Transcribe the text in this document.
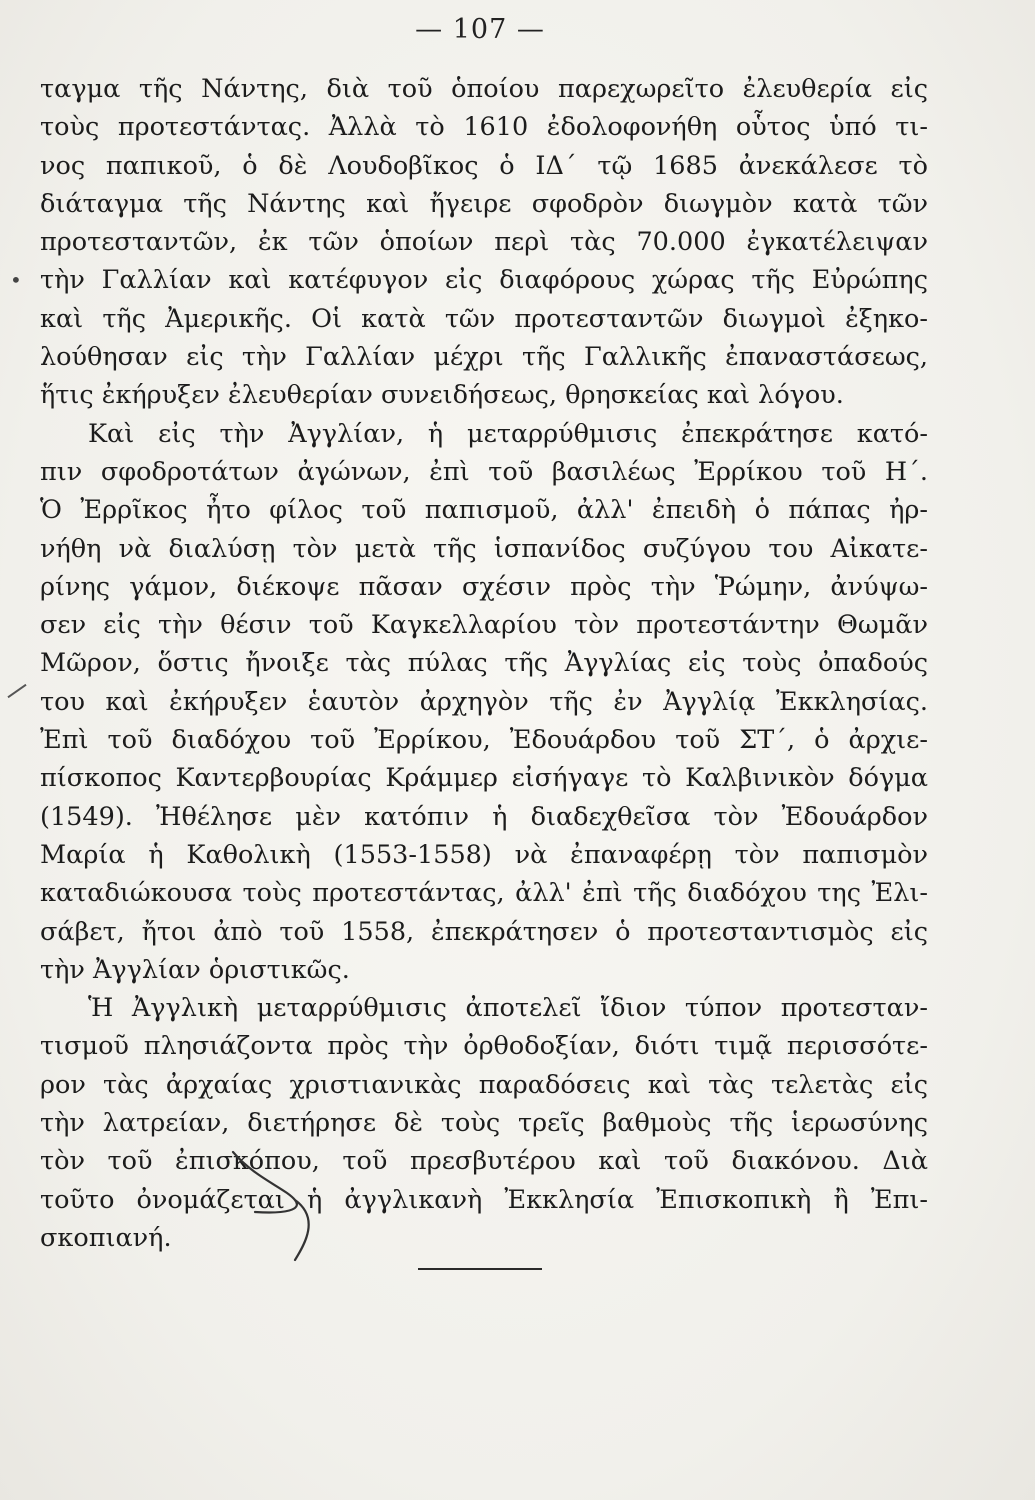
— 107 —
•
ταγμα τῆς Νάντης, διὰ τοῦ ὁποίου παρεχωρεῖτο ἐλευθερία εἰς
τοὺς προτεστάντας. Ἀλλὰ τὸ 1610 ἐδολοφονήθη οὗτος ὑπό τι-
νος παπικοῦ, ὁ δὲ Λουδοβῖκος ὁ ΙΔ΄ τῷ 1685 ἀνεκάλεσε τὸ
διάταγμα τῆς Νάντης καὶ ἤγειρε σφοδρὸν διωγμὸν κατὰ τῶν
προτεσταντῶν, ἐκ τῶν ὁποίων περὶ τὰς 70.000 ἐγκατέλειψαν
τὴν Γαλλίαν καὶ κατέφυγον εἰς διαφόρους χώρας τῆς Εὐρώπης
καὶ τῆς Ἀμερικῆς. Οἱ κατὰ τῶν προτεσταντῶν διωγμοὶ ἐξηκο-
λούθησαν εἰς τὴν Γαλλίαν μέχρι τῆς Γαλλικῆς ἐπαναστάσεως,
ἥτις ἐκήρυξεν ἐλευθερίαν συνειδήσεως, θρησκείας καὶ λόγου.
Καὶ εἰς τὴν Ἀγγλίαν, ἡ μεταρρύθμισις ἐπεκράτησε κατό-
πιν σφοδροτάτων ἀγώνων, ἐπὶ τοῦ βασιλέως Ἐρρίκου τοῦ Η΄.
Ὁ Ἐρρῖκος ἦτο φίλος τοῦ παπισμοῦ, ἀλλ' ἐπειδὴ ὁ πάπας ἠρ-
νήθη νὰ διαλύσῃ τὸν μετὰ τῆς ἱσπανίδος συζύγου του Αἰκατε-
ρίνης γάμον, διέκοψε πᾶσαν σχέσιν πρὸς τὴν Ῥώμην, ἀνύψω-
σεν εἰς τὴν θέσιν τοῦ Καγκελλαρίου τὸν προτεστάντην Θωμᾶν
Μῶρον, ὅστις ἤνοιξε τὰς πύλας τῆς Ἀγγλίας εἰς τοὺς ὀπαδούς
του καὶ ἐκήρυξεν ἑαυτὸν ἀρχηγὸν τῆς ἐν Ἀγγλίᾳ Ἐκκλησίας.
Ἐπὶ τοῦ διαδόχου τοῦ Ἐρρίκου, Ἐδουάρδου τοῦ ΣΤ΄, ὁ ἀρχιε-
πίσκοπος Καντερβουρίας Κράμμερ εἰσήγαγε τὸ Καλβινικὸν δόγμα
(1549). Ἠθέλησε μὲν κατόπιν ἡ διαδεχθεῖσα τὸν Ἐδουάρδον
Μαρία ἡ Καθολικὴ (1553-1558) νὰ ἐπαναφέρῃ τὸν παπισμὸν
καταδιώκουσα τοὺς προτεστάντας, ἀλλ' ἐπὶ τῆς διαδόχου της Ἐλι-
σάβετ, ἤτοι ἀπὸ τοῦ 1558, ἐπεκράτησεν ὁ προτεσταντισμὸς εἰς
τὴν Ἀγγλίαν ὁριστικῶς.
Ἡ Ἀγγλικὴ μεταρρύθμισις ἀποτελεῖ ἴδιον τύπον προτεσταν-
τισμοῦ πλησιάζοντα πρὸς τὴν ὀρθοδοξίαν, διότι τιμᾷ περισσότε-
ρον τὰς ἀρχαίας χριστιανικὰς παραδόσεις καὶ τὰς τελετὰς εἰς
τὴν λατρείαν, διετήρησε δὲ τοὺς τρεῖς βαθμοὺς τῆς ἱερωσύνης
τὸν τοῦ ἐπισκόπου, τοῦ πρεσβυτέρου καὶ τοῦ διακόνου. Διὰ
τοῦτο ὀνομάζεται ἡ ἀγγλικανὴ Ἐκκλησία Ἐπισκοπικὴ ἢ Ἐπι-
σκοπιανή.
